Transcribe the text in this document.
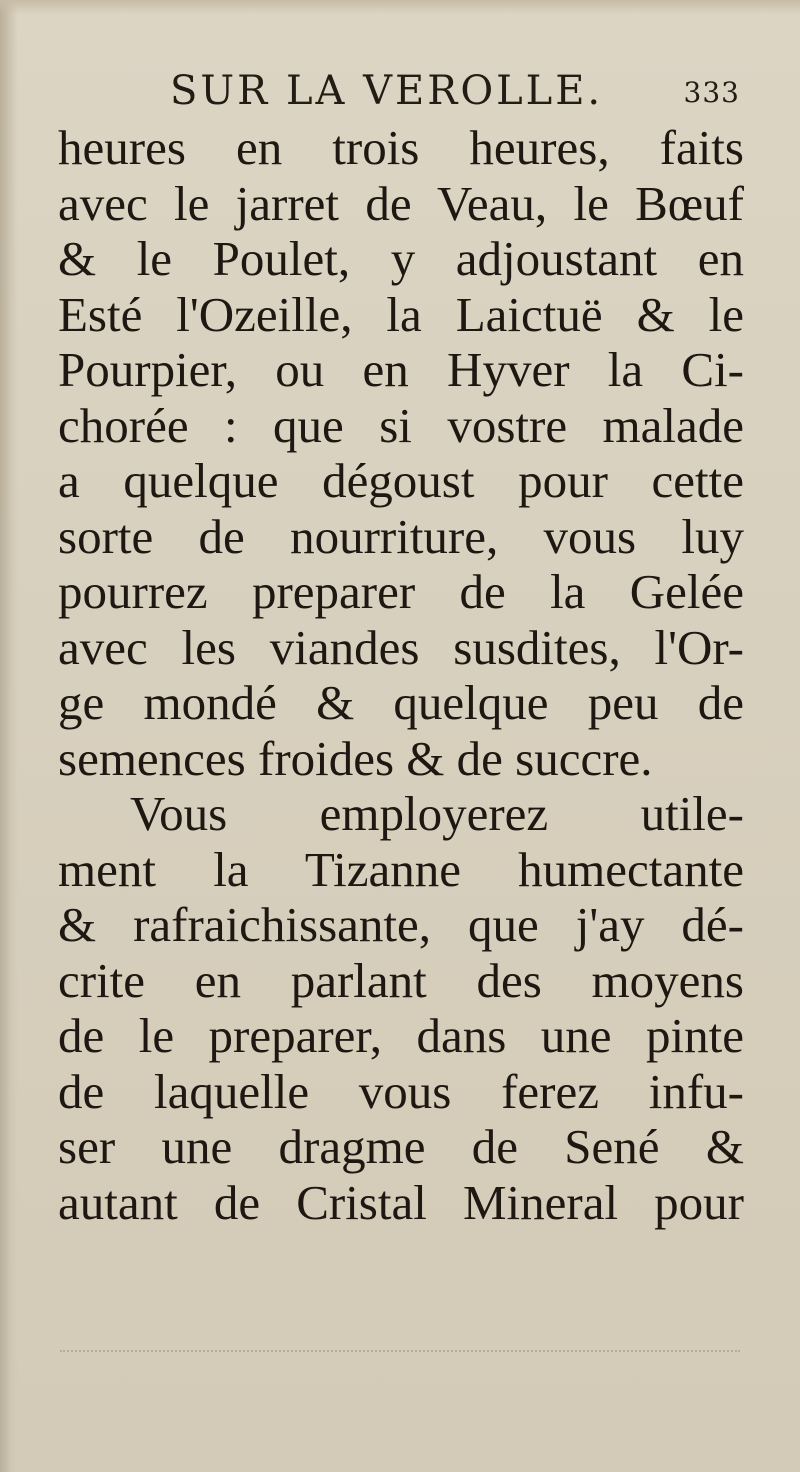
SUR LA VEROLLE.	333
heures en trois heures, faits
avec le jarret de Veau, le Bœuf
& le Poulet, y adjoustant en
Esté l'Ozeille, la Laictuë & le
Pourpier, ou en Hyver la Ci-
chorée : que si vostre malade
a quelque dégoust pour cette
sorte de nourriture, vous luy
pourrez preparer de la Gelée
avec les viandes susdites, l'Or-
ge mondé & quelque peu de
semences froides & de succre.
Vous employerez utile-
ment la Tizanne humectante
& rafraichissante, que j'ay dé-
crite en parlant des moyens
de le preparer, dans une pinte
de laquelle vous ferez infu-
ser une dragme de Sené &
autant de Cristal Mineral pour
